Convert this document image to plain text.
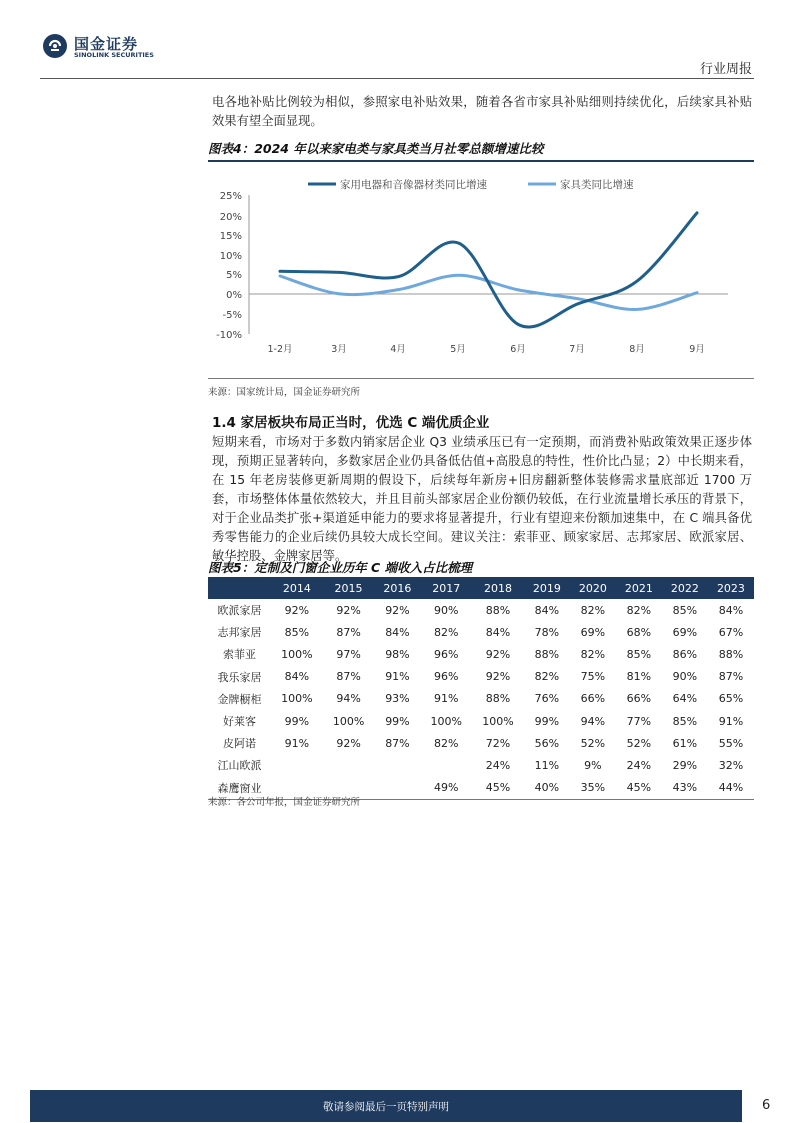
国金证券
SINOLINK SECURITIES
行业周报

电各地补贴比例较为相似，参照家电补贴效果，随着各省市家具补贴细则持续优化，后续家具补贴效果有望全面显现。

图表4：2024 年以来家电类与家具类当月社零总额增速比较
家用电器和音像器材类同比增速	家具类同比增速
25%
20%
15%
10%
5%
0%
-5%
-10%
1-2月	3月	4月	5月	6月	7月	8月	9月
来源：国家统计局，国金证券研究所
1.4 家居板块布局正当时，优选 C 端优质企业

短期来看，市场对于多数内销家居企业 Q3 业绩承压已有一定预期，而消费补贴政策效果正逐步体现，预期正显著转向，多数家居企业仍具备低估值+高股息的特性，性价比凸显；2）中长期来看，在 15 年老房装修更新周期的假设下，后续每年新房+旧房翻新整体装修需求量底部近 1700 万套，市场整体体量依然较大，并且目前头部家居企业份额仍较低，在行业流量增长承压的背景下，对于企业品类扩张+渠道延申能力的要求将显著提升，行业有望迎来份额加速集中，在 C 端具备优秀零售能力的企业后续仍具较大成长空间。建议关注：索菲亚、顾家家居、志邦家居、欧派家居、敏华控股、金牌家居等。

图表5：定制及门窗企业历年 C 端收入占比梳理
	2014	2015	2016	2017	2018	2019	2020	2021	2022	2023
欧派家居	92%	92%	92%	90%	88%	84%	82%	82%	85%	84%
志邦家居	85%	87%	84%	82%	84%	78%	69%	68%	69%	67%
索菲亚	100%	97%	98%	96%	92%	88%	82%	85%	86%	88%
我乐家居	84%	87%	91%	96%	92%	82%	75%	81%	90%	87%
金牌橱柜	100%	94%	93%	91%	88%	76%	66%	66%	64%	65%
好莱客	99%	100%	99%	100%	100%	99%	94%	77%	85%	91%
皮阿诺	91%	92%	87%	82%	72%	56%	52%	52%	61%	55%
江山欧派					24%	11%	9%	24%	29%	32%
森鹰窗业				49%	45%	40%	35%	45%	43%	44%
来源：各公司年报，国金证券研究所
敬请参阅最后一页特别声明	6
